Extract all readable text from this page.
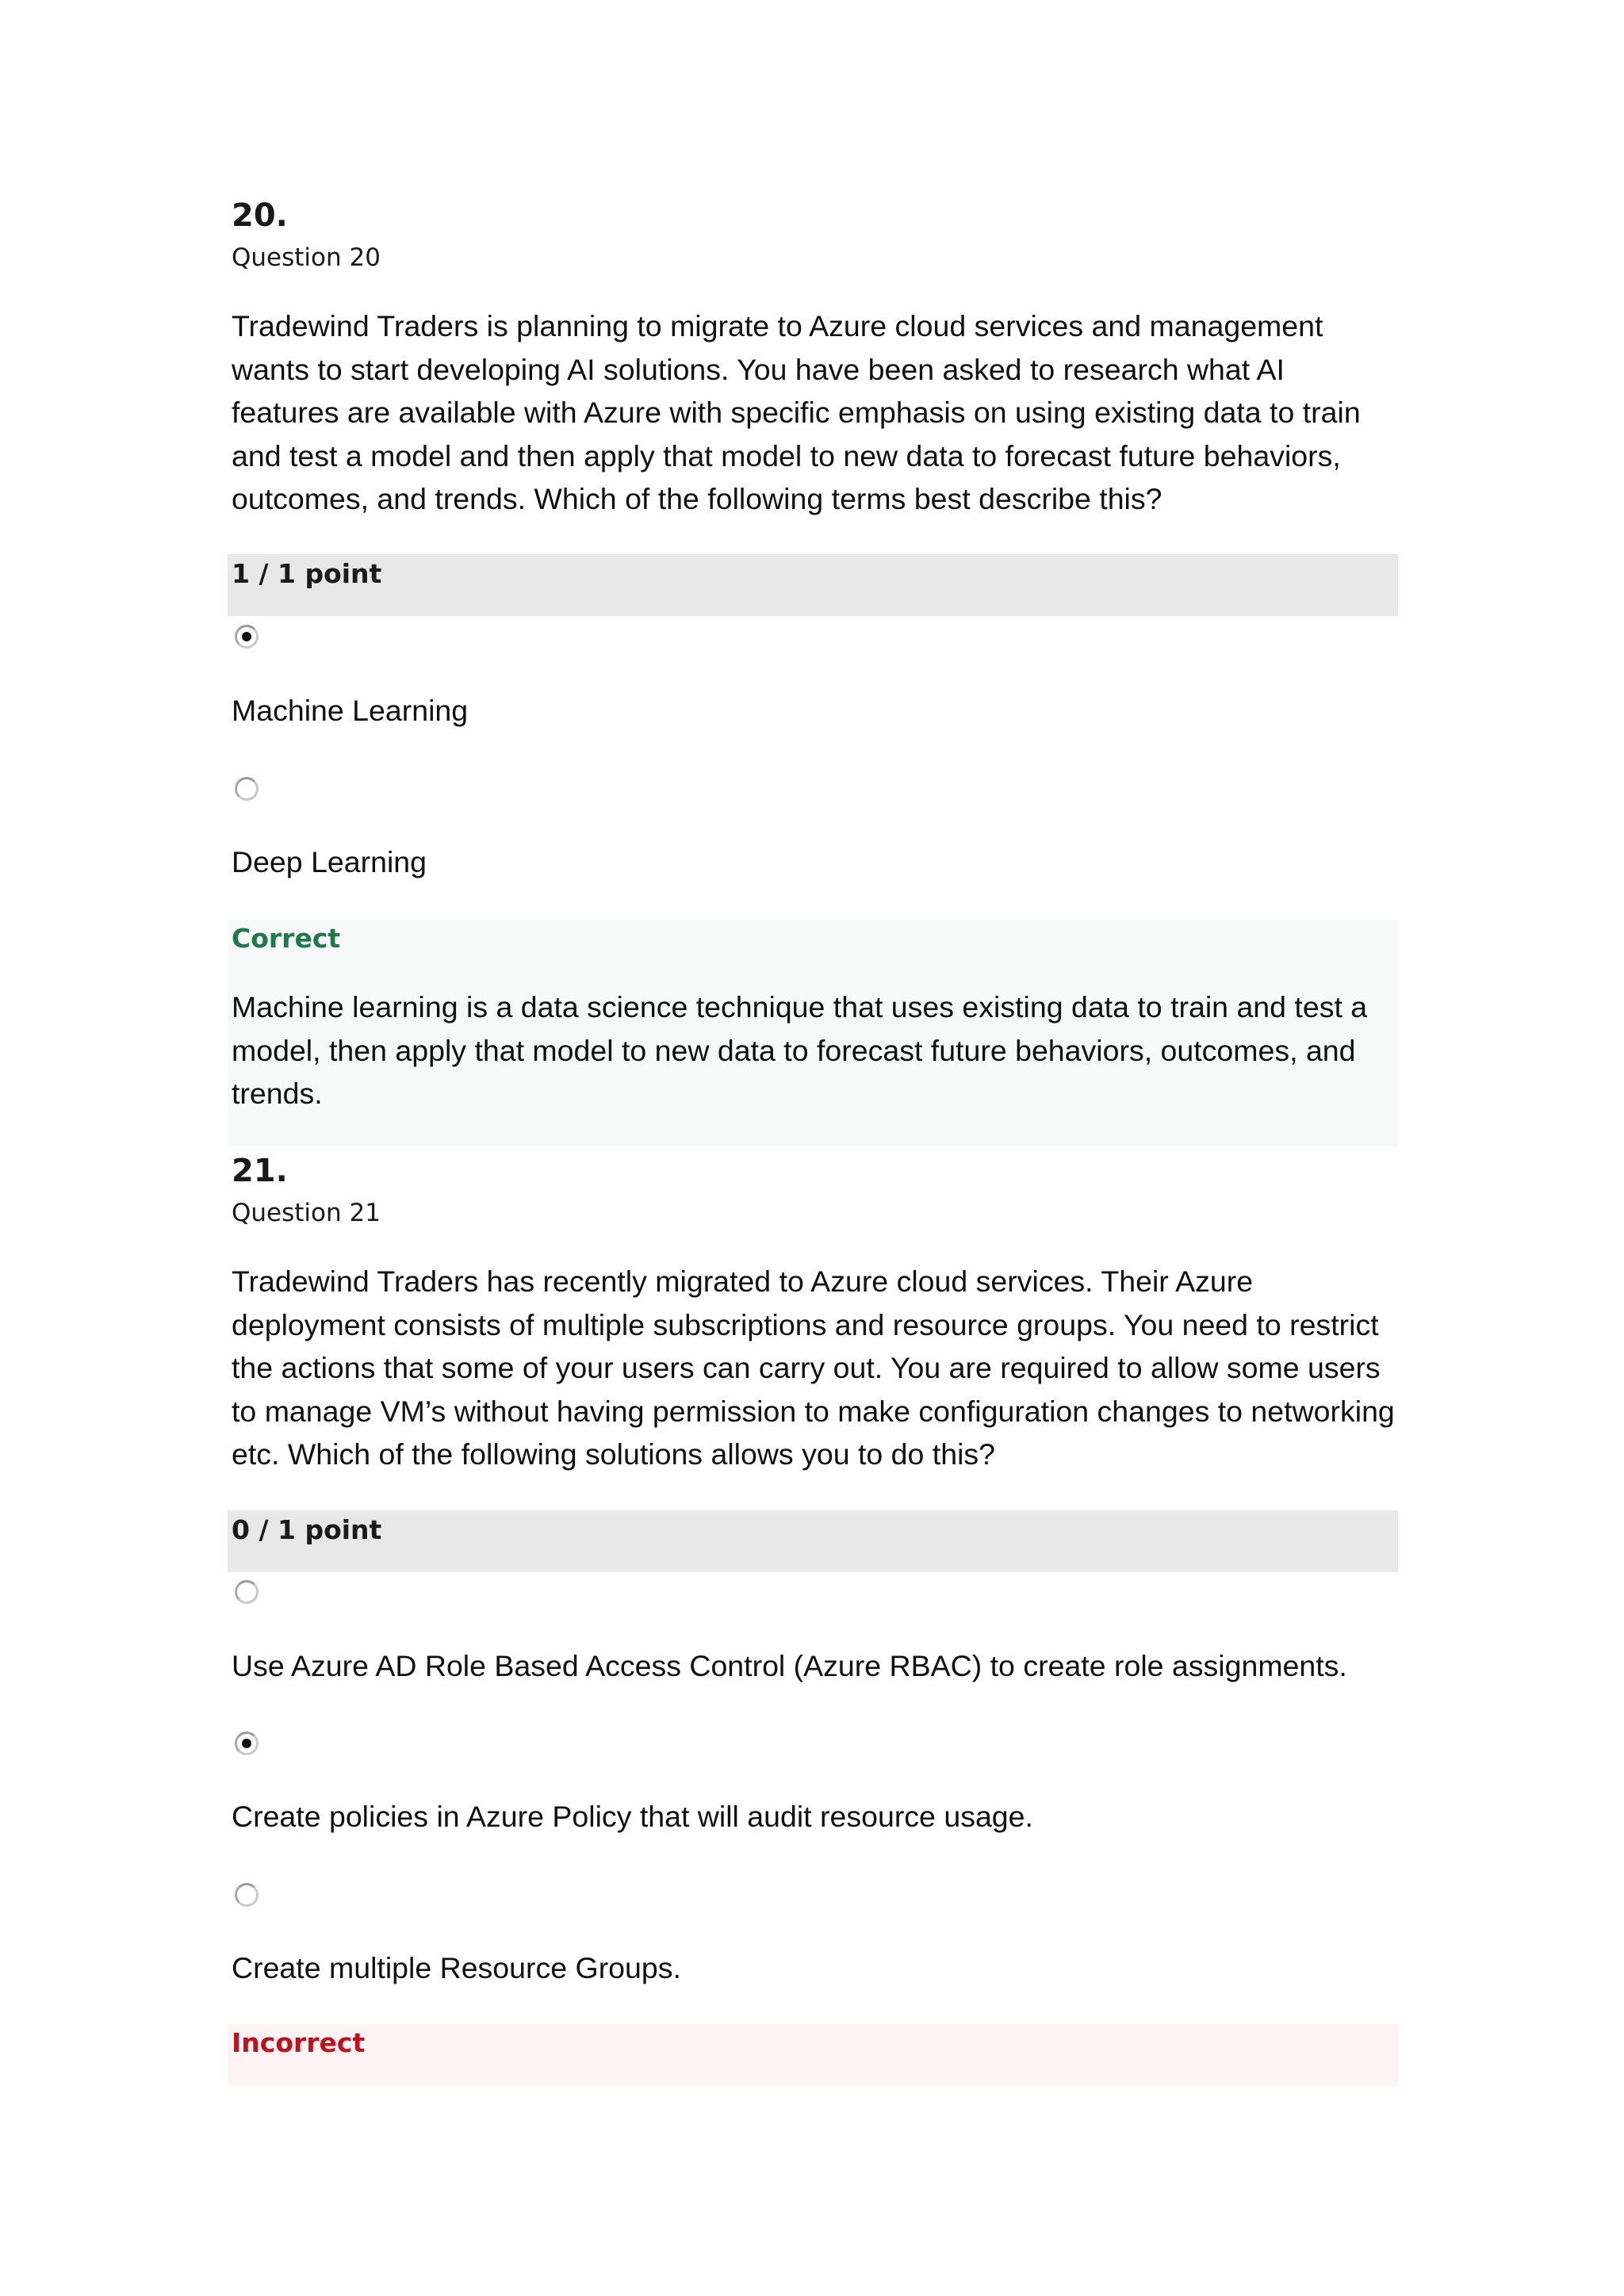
20.
Question 20
Tradewind Traders is planning to migrate to Azure cloud services and management wants to start developing AI solutions. You have been asked to research what AI features are available with Azure with specific emphasis on using existing data to train and test a model and then apply that model to new data to forecast future behaviors, outcomes, and trends. Which of the following terms best describe this?
1 / 1 point
Machine Learning
Deep Learning
Correct
Machine learning is a data science technique that uses existing data to train and test a model, then apply that model to new data to forecast future behaviors, outcomes, and trends.
21.
Question 21
Tradewind Traders has recently migrated to Azure cloud services. Their Azure deployment consists of multiple subscriptions and resource groups. You need to restrict the actions that some of your users can carry out. You are required to allow some users to manage VM’s without having permission to make configuration changes to networking etc. Which of the following solutions allows you to do this?
0 / 1 point
Use Azure AD Role Based Access Control (Azure RBAC) to create role assignments.
Create policies in Azure Policy that will audit resource usage.
Create multiple Resource Groups.
Incorrect
